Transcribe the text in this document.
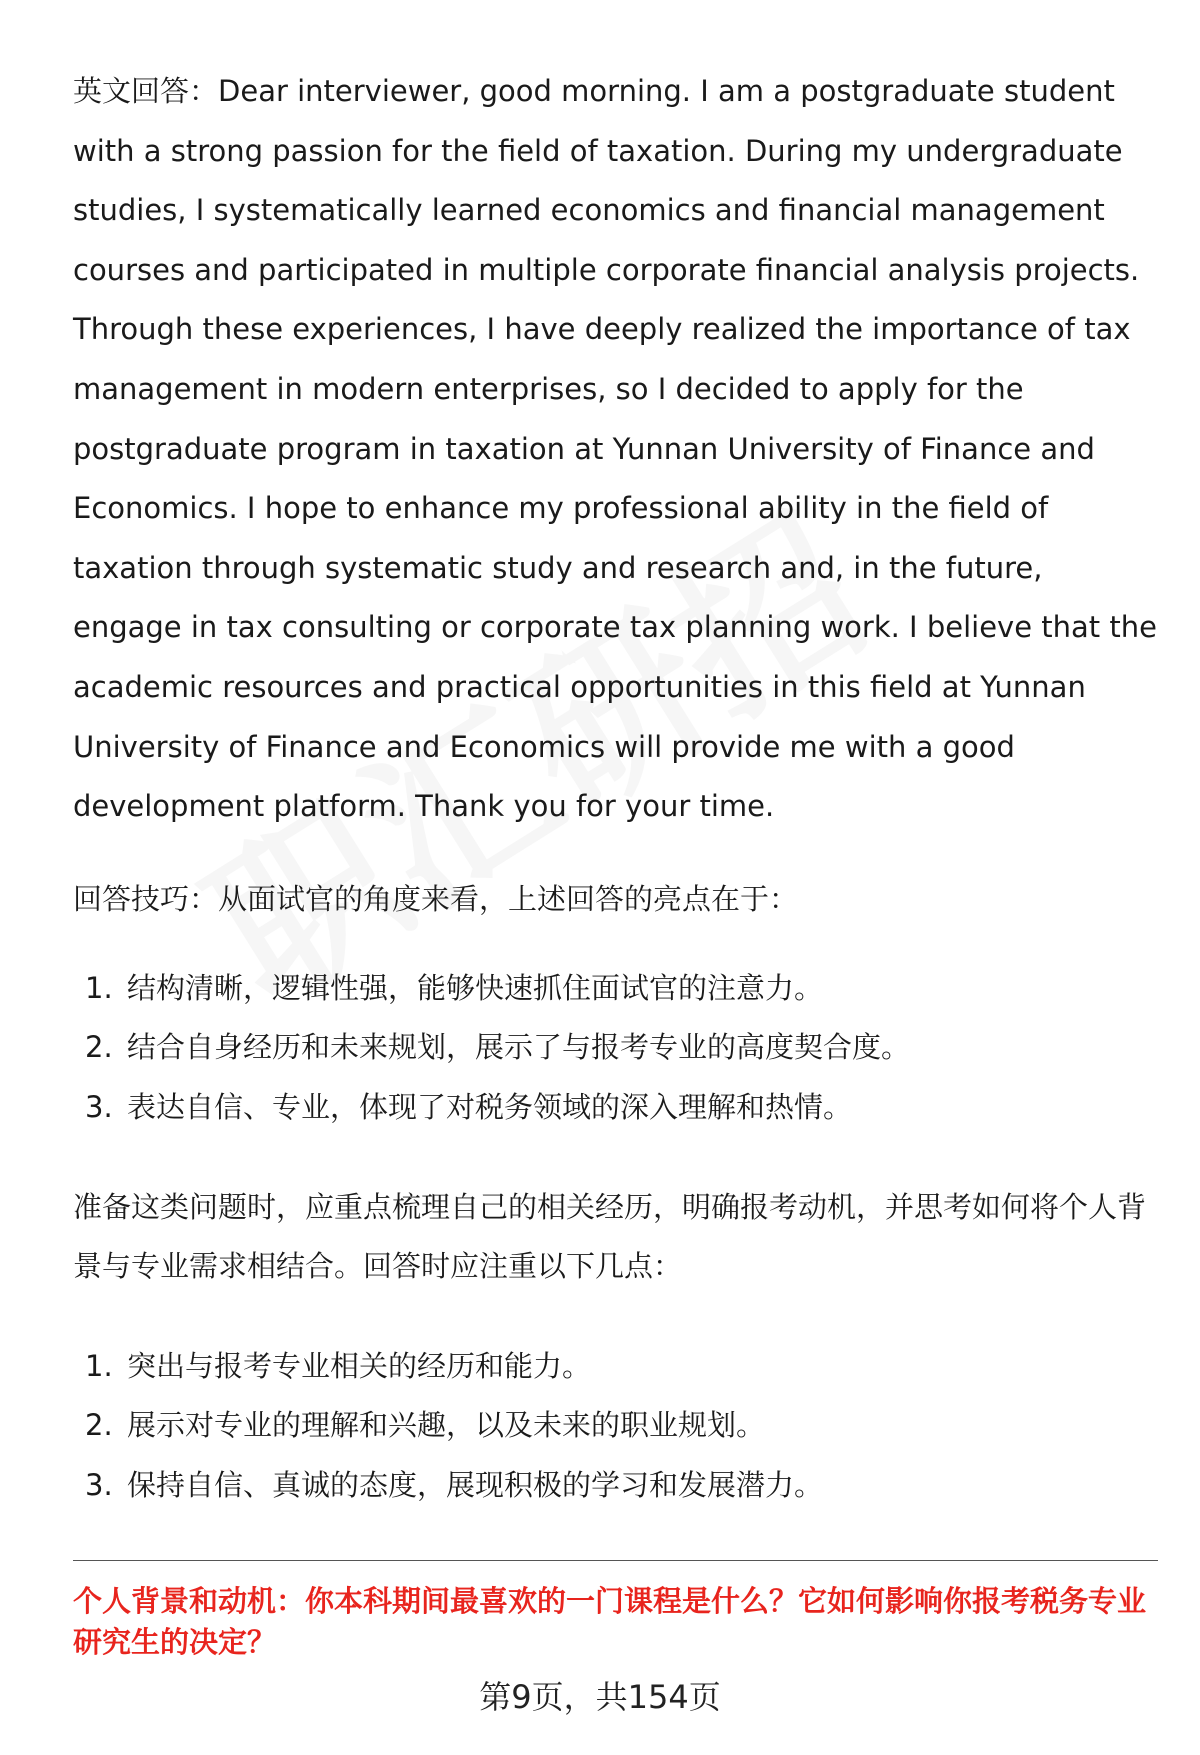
英文回答：Dear interviewer, good morning. I am a postgraduate student with a strong passion for the field of taxation. During my undergraduate studies, I systematically learned economics and financial management courses and participated in multiple corporate financial analysis projects. Through these experiences, I have deeply realized the importance of tax management in modern enterprises, so I decided to apply for the postgraduate program in taxation at Yunnan University of Finance and Economics. I hope to enhance my professional ability in the field of taxation through systematic study and research and, in the future, engage in tax consulting or corporate tax planning work. I believe that the academic resources and practical opportunities in this field at Yunnan University of Finance and Economics will provide me with a good development platform. Thank you for your time.

回答技巧：从面试官的角度来看，上述回答的亮点在于：

1. 结构清晰，逻辑性强，能够快速抓住面试官的注意力。
2. 结合自身经历和未来规划，展示了与报考专业的高度契合度。
3. 表达自信、专业，体现了对税务领域的深入理解和热情。

准备这类问题时，应重点梳理自己的相关经历，明确报考动机，并思考如何将个人背景与专业需求相结合。回答时应注重以下几点：

1. 突出与报考专业相关的经历和能力。
2. 展示对专业的理解和兴趣，以及未来的职业规划。
3. 保持自信、真诚的态度，展现积极的学习和发展潜力。
个人背景和动机：你本科期间最喜欢的一门课程是什么？它如何影响你报考税务专业研究生的决定？
第9页，共154页
